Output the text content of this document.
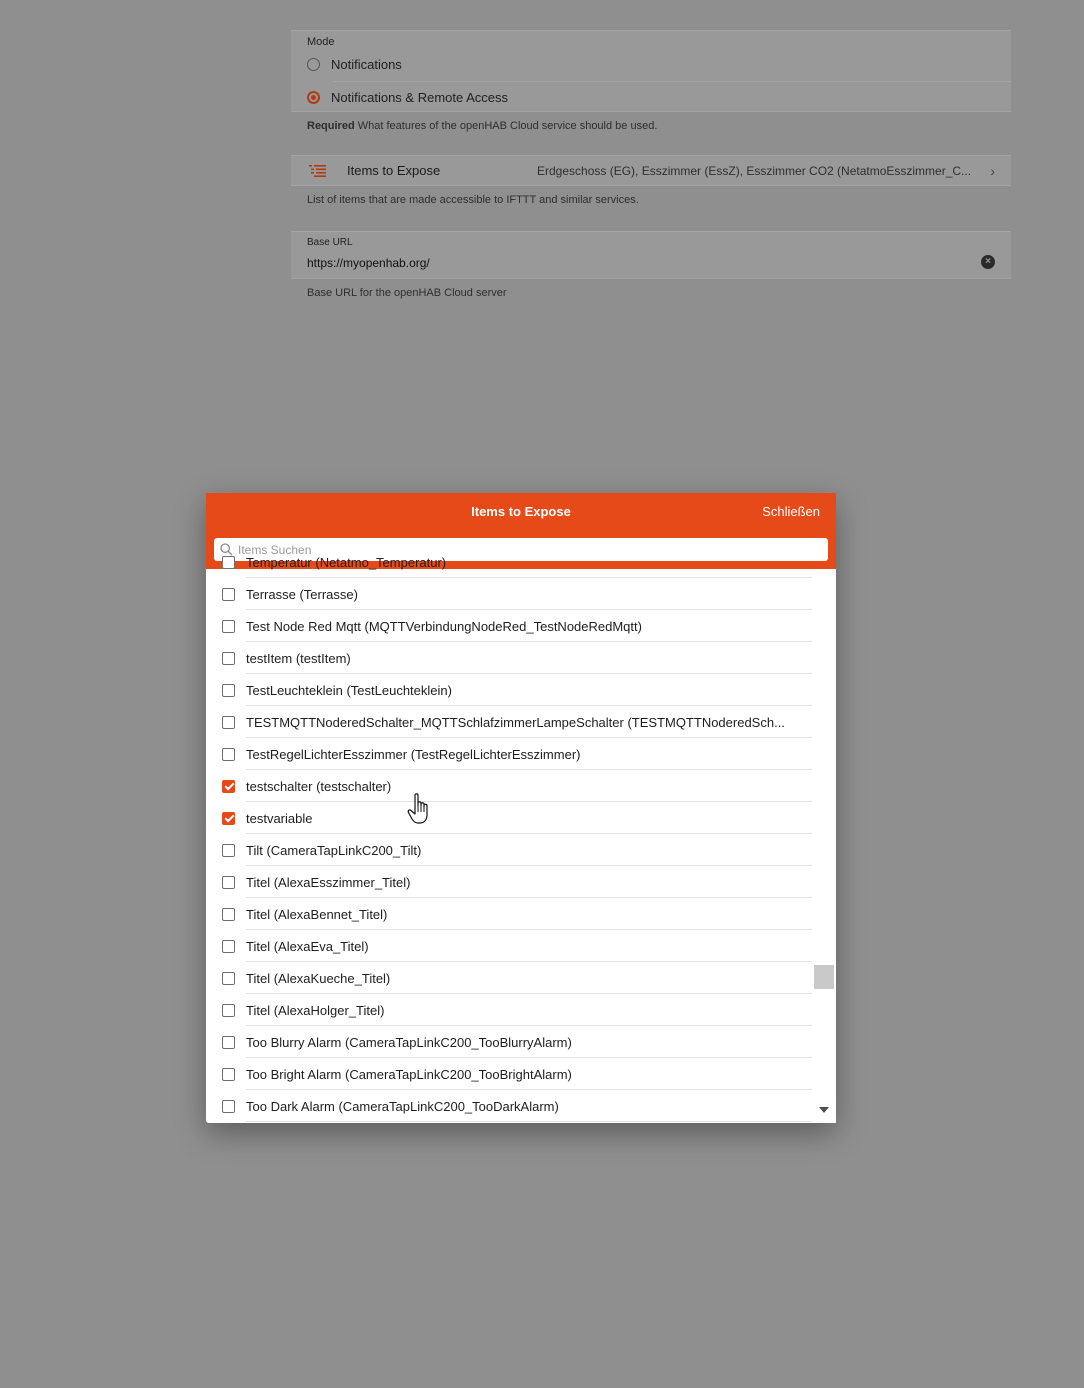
Mode
Notifications
Notifications & Remote Access
Required What features of the openHAB Cloud service should be used.
Items to Expose	Erdgeschoss (EG), Esszimmer (EssZ), Esszimmer CO2 (NetatmoEsszimmer_C...	›
List of items that are made accessible to IFTTT and similar services.
Base URL
https://myopenhab.org/	×
Base URL for the openHAB Cloud server
Items to Expose	Schließen
Items Suchen
Temperatur (Netatmo_Temperatur)
Terrasse (Terrasse)
Test Node Red Mqtt (MQTTVerbindungNodeRed_TestNodeRedMqtt)
testItem (testItem)
TestLeuchteklein (TestLeuchteklein)
TESTMQTTNoderedSchalter_MQTTSchlafzimmerLampeSchalter (TESTMQTTNoderedSch...
TestRegelLichterEsszimmer (TestRegelLichterEsszimmer)
testschalter (testschalter)
testvariable
Tilt (CameraTapLinkC200_Tilt)
Titel (AlexaEsszimmer_Titel)
Titel (AlexaBennet_Titel)
Titel (AlexaEva_Titel)
Titel (AlexaKueche_Titel)
Titel (AlexaHolger_Titel)
Too Blurry Alarm (CameraTapLinkC200_TooBlurryAlarm)
Too Bright Alarm (CameraTapLinkC200_TooBrightAlarm)
Too Dark Alarm (CameraTapLinkC200_TooDarkAlarm)
